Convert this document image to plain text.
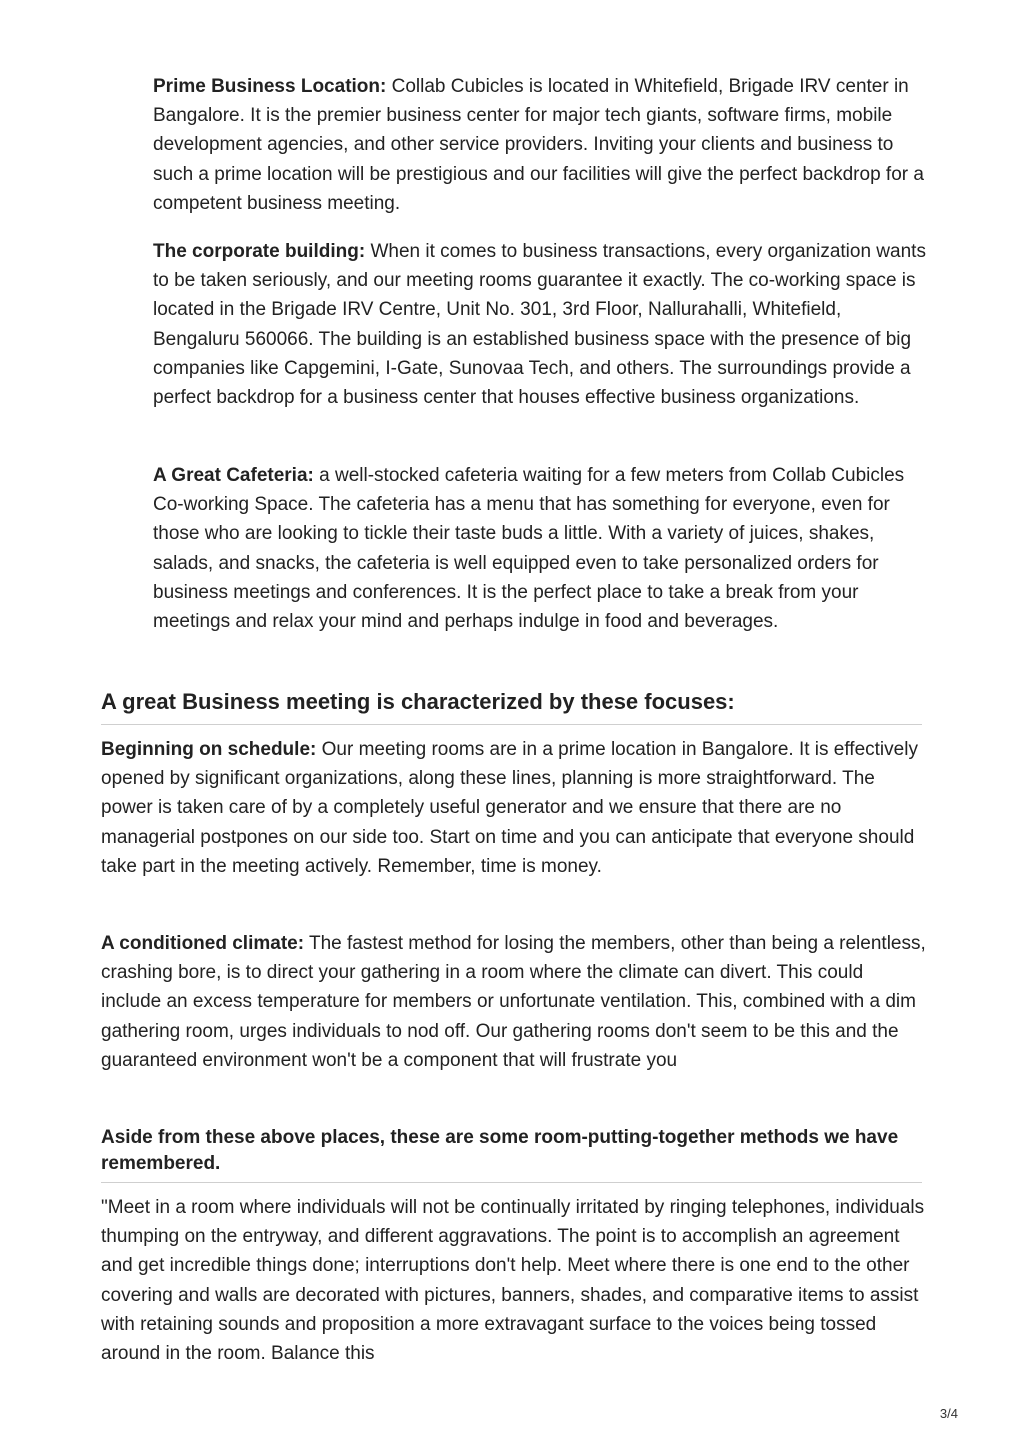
Prime Business Location: Collab Cubicles is located in Whitefield, Brigade IRV center in Bangalore. It is the premier business center for major tech giants, software firms, mobile development agencies, and other service providers. Inviting your clients and business to such a prime location will be prestigious and our facilities will give the perfect backdrop for a competent business meeting.

The corporate building: When it comes to business transactions, every organization wants to be taken seriously, and our meeting rooms guarantee it exactly. The co-working space is located in the Brigade IRV Centre, Unit No. 301, 3rd Floor, Nallurahalli, Whitefield, Bengaluru 560066. The building is an established business space with the presence of big companies like Capgemini, I-Gate, Sunovaa Tech, and others. The surroundings provide a perfect backdrop for a business center that houses effective business organizations.

A Great Cafeteria: a well-stocked cafeteria waiting for a few meters from Collab Cubicles Co-working Space. The cafeteria has a menu that has something for everyone, even for those who are looking to tickle their taste buds a little. With a variety of juices, shakes, salads, and snacks, the cafeteria is well equipped even to take personalized orders for business meetings and conferences. It is the perfect place to take a break from your meetings and relax your mind and perhaps indulge in food and beverages.

A great Business meeting is characterized by these focuses:

Beginning on schedule: Our meeting rooms are in a prime location in Bangalore. It is effectively opened by significant organizations, along these lines, planning is more straightforward. The power is taken care of by a completely useful generator and we ensure that there are no managerial postpones on our side too. Start on time and you can anticipate that everyone should take part in the meeting actively. Remember, time is money.

A conditioned climate: The fastest method for losing the members, other than being a relentless, crashing bore, is to direct your gathering in a room where the climate can divert. This could include an excess temperature for members or unfortunate ventilation. This, combined with a dim gathering room, urges individuals to nod off. Our gathering rooms don't seem to be this and the guaranteed environment won't be a component that will frustrate you

Aside from these above places, these are some room-putting-together methods we have remembered.

"Meet in a room where individuals will not be continually irritated by ringing telephones, individuals thumping on the entryway, and different aggravations. The point is to accomplish an agreement and get incredible things done; interruptions don't help. Meet where there is one end to the other covering and walls are decorated with pictures, banners, shades, and comparative items to assist with retaining sounds and proposition a more extravagant surface to the voices being tossed around in the room. Balance this

3/4
